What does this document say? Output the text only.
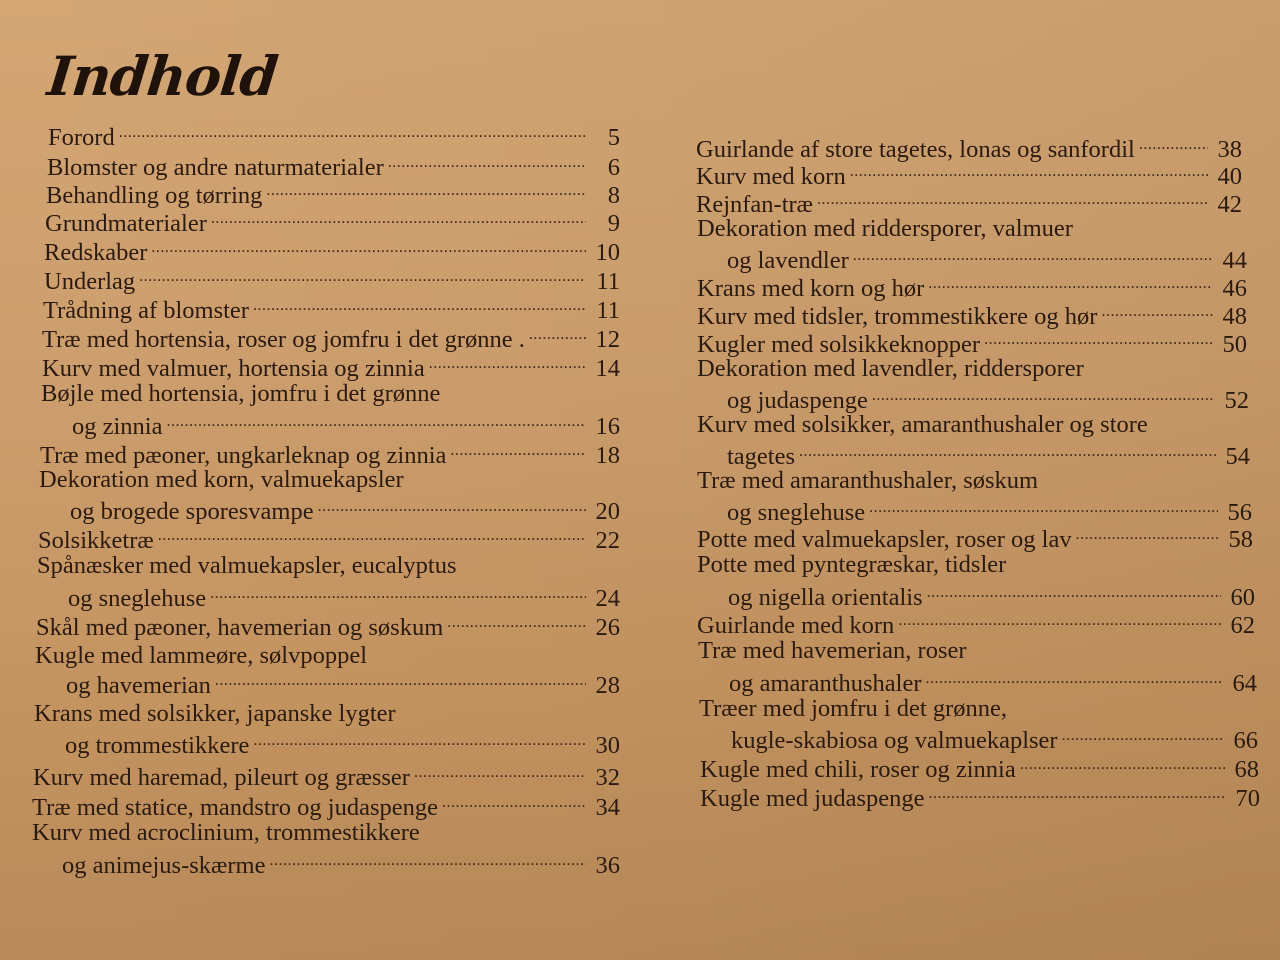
Indhold
Forord .....	5
Blomster og andre naturmaterialer .....	6
Behandling og tørring .....	8
Grundmaterialer .....	9
Redskaber .....	10
Underlag .....	11
Trådning af blomster .....	11
Træ med hortensia, roser og jomfru i det grønne . .....	12
Kurv med valmuer, hortensia og zinnia .....	14
Bøjle med hortensia, jomfru i det grønne
og zinnia .....	16
Træ med pæoner, ungkarleknap og zinnia .....	18
Dekoration med korn, valmuekapsler
og brogede sporesvampe .....	20
Solsikketræ .....	22
Spånæsker med valmuekapsler, eucalyptus
og sneglehuse .....	24
Skål med pæoner, havemerian og søskum .....	26
Kugle med lammeøre, sølvpoppel
og havemerian .....	28
Krans med solsikker, japanske lygter
og trommestikkere .....	30
Kurv med haremad, pileurt og græsser .....	32
Træ med statice, mandstro og judaspenge .....	34
Kurv med acroclinium, trommestikkere
og animejus-skærme .....	36
Guirlande af store tagetes, lonas og sanfordil .....	38
Kurv med korn .....	40
Rejnfan-træ .....	42
Dekoration med riddersporer, valmuer
og lavendler .....	44
Krans med korn og hør .....	46
Kurv med tidsler, trommestikkere og hør .....	48
Kugler med solsikkeknopper .....	50
Dekoration med lavendler, riddersporer
og judaspenge .....	52
Kurv med solsikker, amaranthushaler og store
tagetes .....	54
Træ med amaranthushaler, søskum
og sneglehuse .....	56
Potte med valmuekapsler, roser og lav .....	58
Potte med pyntegræskar, tidsler
og nigella orientalis .....	60
Guirlande med korn .....	62
Træ med havemerian, roser
og amaranthushaler .....	64
Træer med jomfru i det grønne,
kugle-skabiosa og valmuekaplser .....	66
Kugle med chili, roser og zinnia .....	68
Kugle med judaspenge .....	70
